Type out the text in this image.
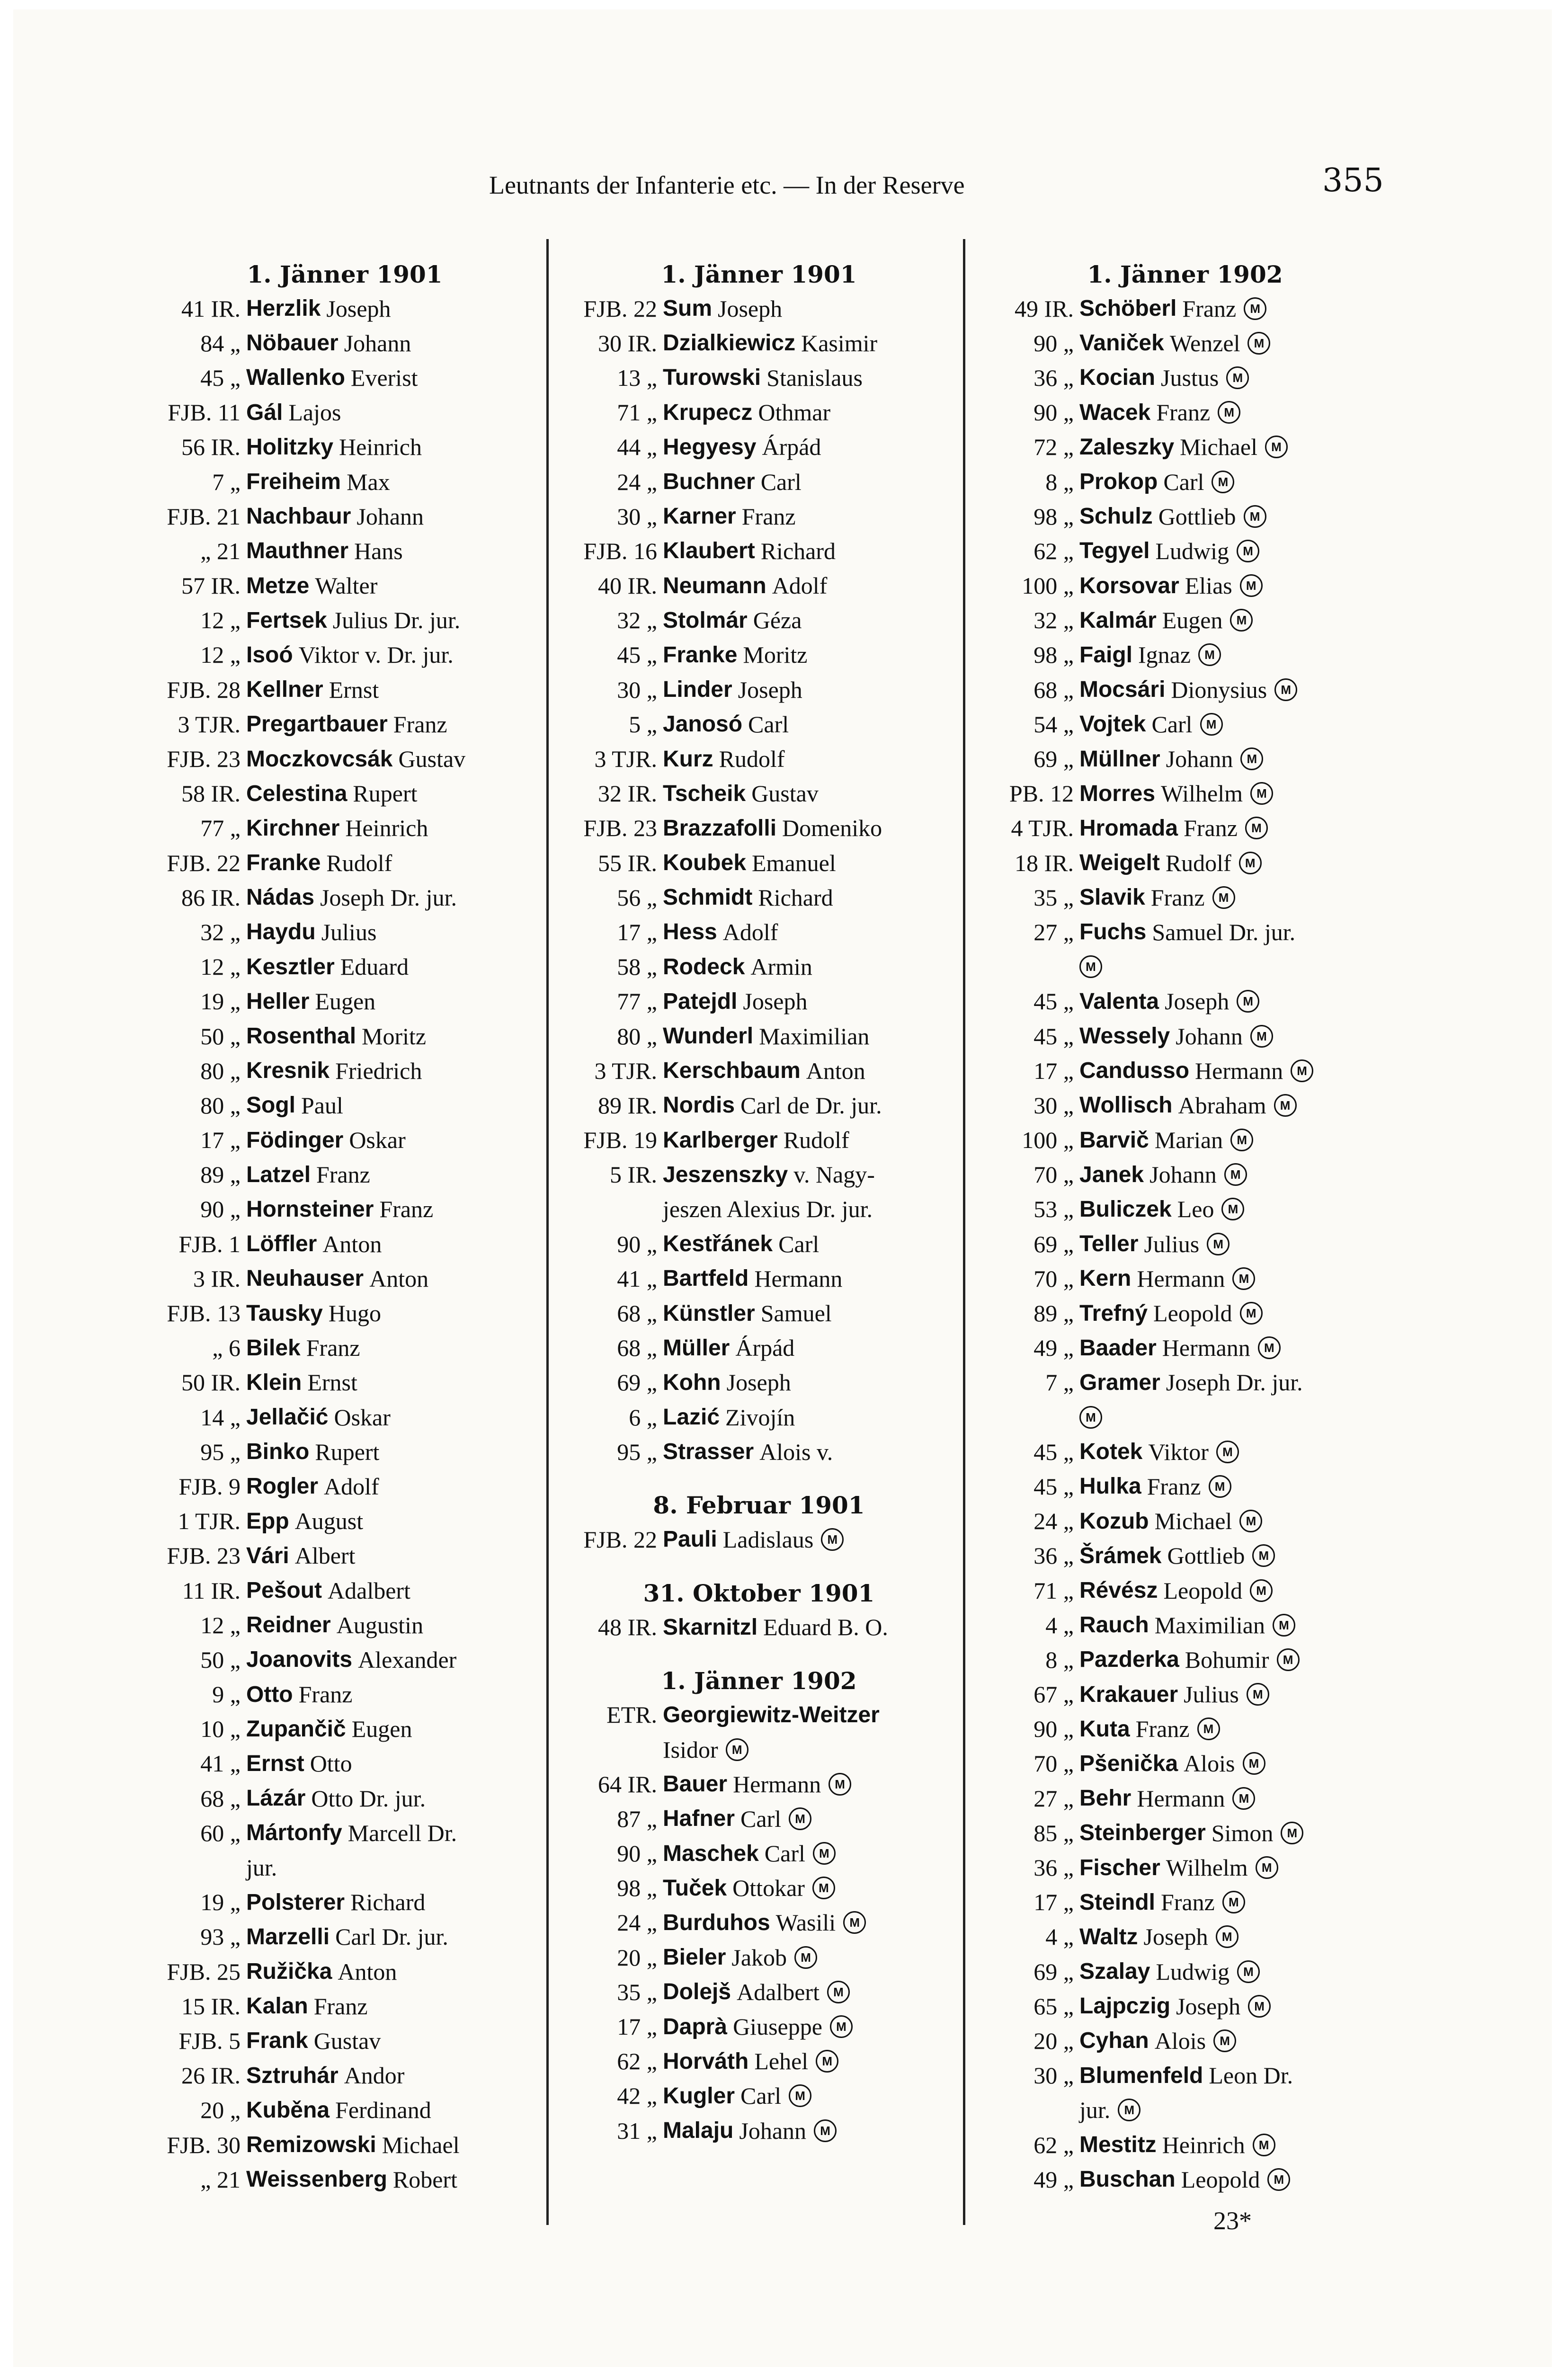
Leutnants der Infanterie etc. — In der Reserve	355
1. Jänner 1901
41 IR. Herzlik Joseph
84 „ Nöbauer Johann
45 „ Wallenko Everist
FJB. 11 Gál Lajos
56 IR. Holitzky Heinrich
7 „ Freiheim Max
FJB. 21 Nachbaur Johann
„ 21 Mauthner Hans
57 IR. Metze Walter
12 „ Fertsek Julius Dr. jur.
12 „ Isoó Viktor v. Dr. jur.
FJB. 28 Kellner Ernst
3 TJR. Pregartbauer Franz
FJB. 23 Moczkovcsák Gustav
58 IR. Celestina Rupert
77 „ Kirchner Heinrich
FJB. 22 Franke Rudolf
86 IR. Nádas Joseph Dr. jur.
32 „ Haydu Julius
12 „ Kesztler Eduard
19 „ Heller Eugen
50 „ Rosenthal Moritz
80 „ Kresnik Friedrich
80 „ Sogl Paul
17 „ Födinger Oskar
89 „ Latzel Franz
90 „ Hornsteiner Franz
FJB. 1 Löffler Anton
3 IR. Neuhauser Anton
FJB. 13 Tausky Hugo
„ 6 Bilek Franz
50 IR. Klein Ernst
14 „ Jellačić Oskar
95 „ Binko Rupert
FJB. 9 Rogler Adolf
1 TJR. Epp August
FJB. 23 Vári Albert
11 IR. Pešout Adalbert
12 „ Reidner Augustin
50 „ Joanovits Alexander
9 „ Otto Franz
10 „ Zupančič Eugen
41 „ Ernst Otto
68 „ Lázár Otto Dr. jur.
60 „ Mártonfy Marcell Dr.
jur.
19 „ Polsterer Richard
93 „ Marzelli Carl Dr. jur.
FJB. 25 Ružička Anton
15 IR. Kalan Franz
FJB. 5 Frank Gustav
26 IR. Sztruhár Andor
20 „ Kuběna Ferdinand
FJB. 30 Remizowski Michael
„ 21 Weissenberg Robert
1. Jänner 1901
FJB. 22 Sum Joseph
30 IR. Dzialkiewicz Kasimir
13 „ Turowski Stanislaus
71 „ Krupecz Othmar
44 „ Hegyesy Árpád
24 „ Buchner Carl
30 „ Karner Franz
FJB. 16 Klaubert Richard
40 IR. Neumann Adolf
32 „ Stolmár Géza
45 „ Franke Moritz
30 „ Linder Joseph
5 „ Janosó Carl
3 TJR. Kurz Rudolf
32 IR. Tscheik Gustav
FJB. 23 Brazzafolli Domeniko
55 IR. Koubek Emanuel
56 „ Schmidt Richard
17 „ Hess Adolf
58 „ Rodeck Armin
77 „ Patejdl Joseph
80 „ Wunderl Maximilian
3 TJR. Kerschbaum Anton
89 IR. Nordis Carl de Dr. jur.
FJB. 19 Karlberger Rudolf
5 IR. Jeszenszky v. Nagy-
jeszen Alexius Dr. jur.
90 „ Kestřánek Carl
41 „ Bartfeld Hermann
68 „ Künstler Samuel
68 „ Müller Árpád
69 „ Kohn Joseph
6 „ Lazić Zivojín
95 „ Strasser Alois v.
8. Februar 1901
FJB. 22 Pauli Ladislaus	M
31. Oktober 1901
48 IR. Skarnitzl Eduard B. O.
1. Jänner 1902
ETR. Georgiewitz-Weitzer
Isidor	M
64 IR. Bauer Hermann	M
87 „ Hafner Carl	M
90 „ Maschek Carl	M
98 „ Tuček Ottokar	M
24 „ Burduhos Wasili	M
20 „ Bieler Jakob	M
35 „ Dolejš Adalbert	M
17 „ Daprà Giuseppe	M
62 „ Horváth Lehel	M
42 „ Kugler Carl	M
31 „ Malaju Johann	M
1. Jänner 1902
49 IR. Schöberl Franz	M
90 „ Vaniček Wenzel	M
36 „ Kocian Justus	M
90 „ Wacek Franz	M
72 „ Zaleszky Michael	M
8 „ Prokop Carl	M
98 „ Schulz Gottlieb	M
62 „ Tegyel Ludwig	M
100 „ Korsovar Elias	M
32 „ Kalmár Eugen	M
98 „ Faigl Ignaz	M
68 „ Mocsári Dionysius	M
54 „ Vojtek Carl	M
69 „ Müllner Johann	M
PB. 12 Morres Wilhelm	M
4 TJR. Hromada Franz	M
18 IR. Weigelt Rudolf	M
35 „ Slavik Franz	M
27 „ Fuchs Samuel Dr. jur.
M
45 „ Valenta Joseph	M
45 „ Wessely Johann	M
17 „ Candusso Hermann	M
30 „ Wollisch Abraham	M
100 „ Barvič Marian	M
70 „ Janek Johann	M
53 „ Buliczek Leo	M
69 „ Teller Julius	M
70 „ Kern Hermann	M
89 „ Trefný Leopold	M
49 „ Baader Hermann	M
7 „ Gramer Joseph Dr. jur.
M
45 „ Kotek Viktor	M
45 „ Hulka Franz	M
24 „ Kozub Michael	M
36 „ Šrámek Gottlieb	M
71 „ Révész Leopold	M
4 „ Rauch Maximilian	M
8 „ Pazderka Bohumir	M
67 „ Krakauer Julius	M
90 „ Kuta Franz	M
70 „ Pšenička Alois	M
27 „ Behr Hermann	M
85 „ Steinberger Simon	M
36 „ Fischer Wilhelm	M
17 „ Steindl Franz	M
4 „ Waltz Joseph	M
69 „ Szalay Ludwig	M
65 „ Lajpczig Joseph	M
20 „ Cyhan Alois	M
30 „ Blumenfeld Leon Dr.
jur.	M
62 „ Mestitz Heinrich	M
49 „ Buschan Leopold	M
23*
